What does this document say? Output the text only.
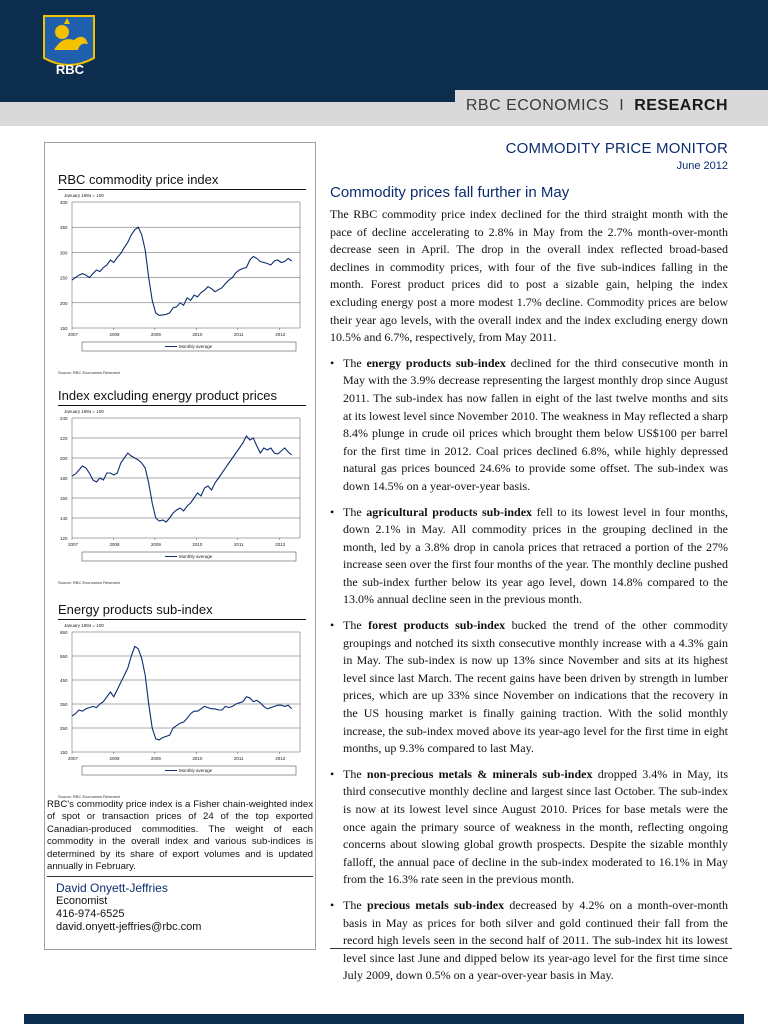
RBC
RBC ECONOMICS I RESEARCH
COMMODITY PRICE MONITOR
June 2012
RBC commodity price index
January 1994 = 100
150
200
250
300
350
400
2007	2008	2009	2010	2011	2012
Monthly average
Source: RBC Economics Research
Index excluding energy product prices
January 1994 = 100
120
140
160
180
200
220
240
2007	2008	2009	2010	2011	2012
Monthly average
Source: RBC Economics Research
Energy products sub-index
January 1994 = 100
150
250
350
450
550
650
2007	2008	2009	2010	2011	2012
Monthly average
Source: RBC Economics Research
RBC's commodity price index is a Fisher chain-weighted index of spot or transaction prices of 24 of the top exported Canadian-produced commodities. The weight of each commodity in the overall index and various sub-indices is determined by its share of export volumes and is updated annually in February.
David Onyett-Jeffries
Economist
416-974-6525
david.onyett-jeffries@rbc.com
Commodity prices fall further in May

The RBC commodity price index declined for the third straight month with the pace of decline accelerating to 2.8% in May from the 2.7% month-over-month decrease seen in April. The drop in the overall index reflected broad-based declines in commodity prices, with four of the five sub-indices falling in the month. Forest product prices did to post a sizable gain, helping the index excluding energy post a more modest 1.7% decline. Commodity prices are below their year ago levels, with the overall index and the index excluding energy down 10.5% and 6.7%, respectively, from May 2011.

• The energy products sub-index declined for the third consecutive month in May with the 3.9% decrease representing the largest monthly drop since August 2011. The sub-index has now fallen in eight of the last twelve months and sits at its lowest level since November 2010. The weakness in May reflected a sharp 8.4% plunge in crude oil prices which brought them below US$100 per barrel for the first time in 2012. Coal prices declined 6.8%, while highly depressed natural gas prices bounced 24.6% to provide some offset. The sub-index was down 14.5% on a year-over-year basis.
• The agricultural products sub-index fell to its lowest level in four months, down 2.1% in May. All commodity prices in the grouping declined in the month, led by a 3.8% drop in canola prices that retraced a portion of the 27% increase seen over the first four months of the year. The monthly decline pushed the sub-index further below its year ago level, down 14.8% compared to the 13.0% annual decline seen in the previous month.
• The forest products sub-index bucked the trend of the other commodity groupings and notched its sixth consecutive monthly increase with a 4.3% gain in May. The sub-index is now up 13% since November and sits at its highest level since last March. The recent gains have been driven by strength in lumber prices, which are up 33% since November on indications that the recovery in the US housing market is finally gaining traction. With the solid monthly increase, the sub-index moved above its year-ago level for the first time in eight months, up 9.3% compared to last May.
• The non-precious metals & minerals sub-index dropped 3.4% in May, its third consecutive monthly decline and largest since last October. The sub-index is now at its lowest level since August 2010. Prices for base metals were the once again the primary source of weakness in the month, reflecting ongoing concerns about slowing global growth prospects. Despite the sizable monthly falloff, the annual pace of decline in the sub-index moderated to 16.1% in May from the 16.3% rate seen in the previous month.
• The precious metals sub-index decreased by 4.2% on a month-over-month basis in May as prices for both silver and gold continued their fall from the record high levels seen in the second half of 2011. The sub-index hit its lowest level since last June and dipped below its year-ago level for the first time since July 2009, down 0.5% on a year-over-year basis in May.
